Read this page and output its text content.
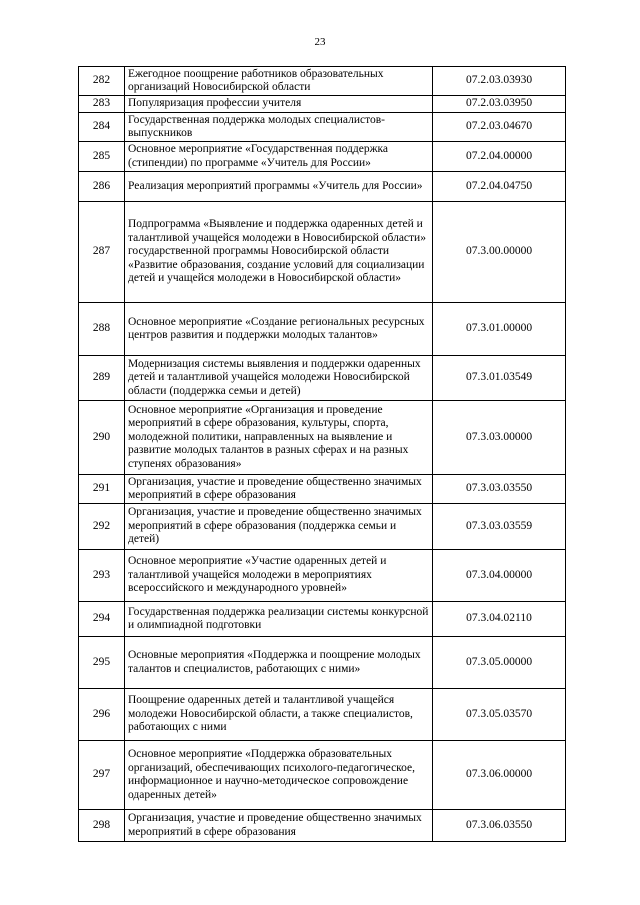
23
282	Ежегодное поощрение работников образовательных организаций Новосибирской области	07.2.03.03930
283	Популяризация профессии учителя	07.2.03.03950
284	Государственная поддержка молодых специалистов-выпускников	07.2.03.04670
285	Основное мероприятие «Государственная поддержка (стипендии) по программе «Учитель для России»	07.2.04.00000
286	Реализация мероприятий программы «Учитель для России»	07.2.04.04750
287	Подпрограмма «Выявление и поддержка одаренных детей и талантливой учащейся молодежи в Новосибирской области» государственной программы Новосибирской области «Развитие образования, создание условий для социализации детей и учащейся молодежи в Новосибирской области»	07.3.00.00000
288	Основное мероприятие «Создание региональных ресурсных центров развития и поддержки молодых талантов»	07.3.01.00000
289	Модернизация системы выявления и поддержки одаренных детей и талантливой учащейся молодежи Новосибирской области (поддержка семьи и детей)	07.3.01.03549
290	Основное мероприятие «Организация и проведение мероприятий в сфере образования, культуры, спорта, молодежной политики, направленных на выявление и развитие молодых талантов в разных сферах и на разных ступенях образования»	07.3.03.00000
291	Организация, участие и проведение общественно значимых мероприятий в сфере образования	07.3.03.03550
292	Организация, участие и проведение общественно значимых мероприятий в сфере образования (поддержка семьи и детей)	07.3.03.03559
293	Основное мероприятие «Участие одаренных детей и талантливой учащейся молодежи в мероприятиях всероссийского и международного уровней»	07.3.04.00000
294	Государственная поддержка реализации системы конкурсной и олимпиадной подготовки	07.3.04.02110
295	Основные мероприятия «Поддержка и поощрение молодых талантов и специалистов, работающих с ними»	07.3.05.00000
296	Поощрение одаренных детей и талантливой учащейся молодежи Новосибирской области, а также специалистов, работающих с ними	07.3.05.03570
297	Основное мероприятие «Поддержка образовательных организаций, обеспечивающих психолого-педагогическое, информационное и научно-методическое сопровождение одаренных детей»	07.3.06.00000
298	Организация, участие и проведение общественно значимых мероприятий в сфере образования	07.3.06.03550
